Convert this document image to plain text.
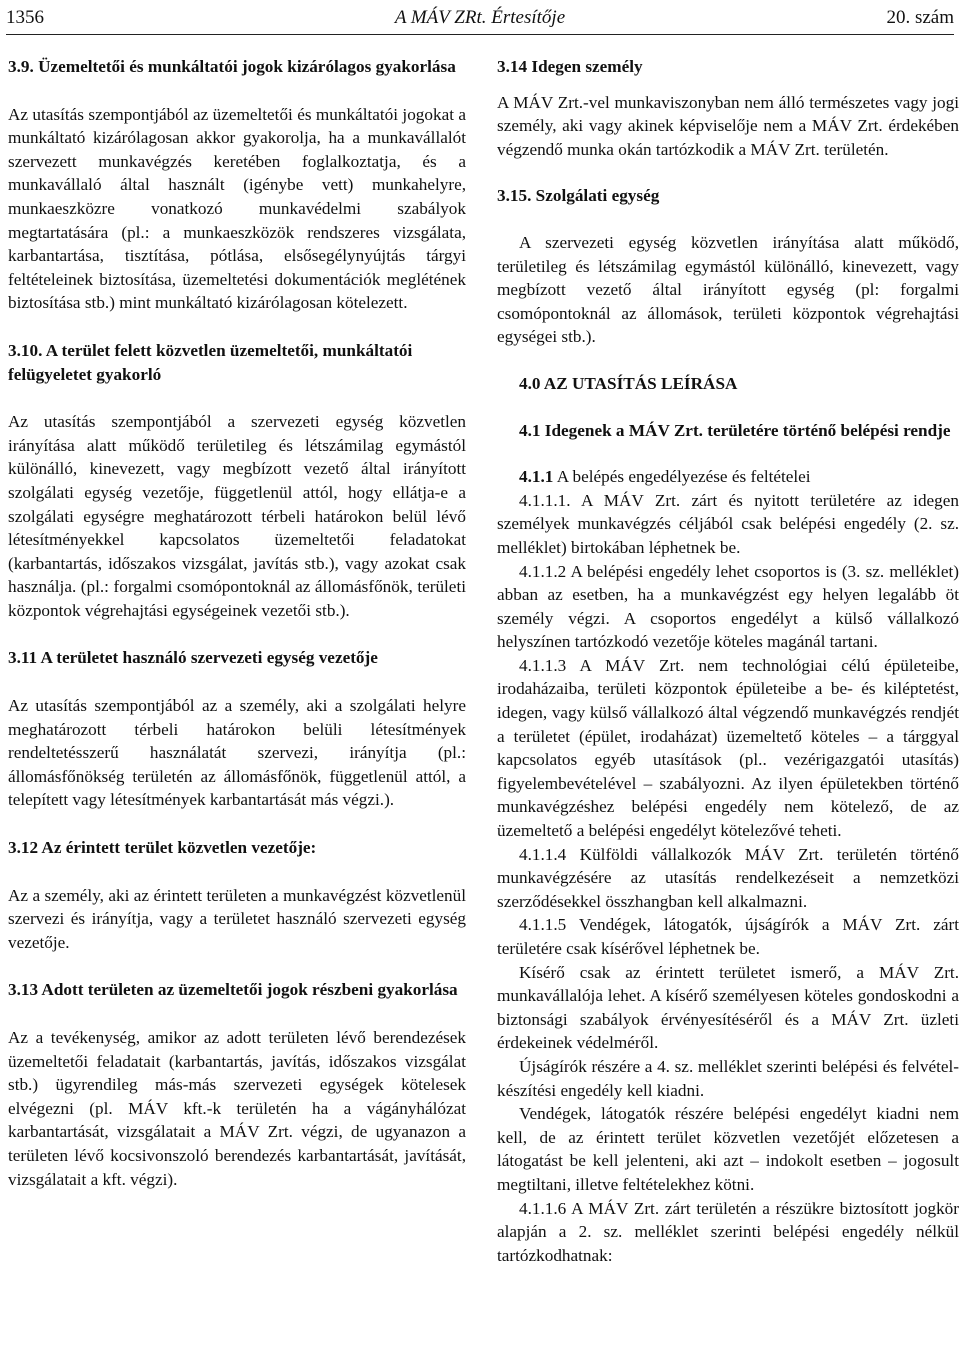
1356	A MÁV ZRt. Értesítője	20. szám

3.9. Üzemeltetői és munkáltatói jogok kizárólagos gyakorlása

Az utasítás szempontjából az üzemeltetői és munkáltatói jogokat a munkáltató kizárólagosan akkor gyakorolja, ha a munkavállalót szervezett munkavégzés keretében foglalkoztatja, és a munkavállaló által használt (igénybe vett) munkahelyre, munkaeszközre vonatkozó munkavédelmi szabályok megtartatására (pl.: a munkaeszközök rendszeres vizsgálata, karbantartása, tisztítása, pótlása, elsősegélynyújtás tárgyi feltételeinek biztosítása, üzemeltetési dokumentációk meglétének biztosítása stb.) mint munkáltató kizárólagosan kötelezett.

3.10. A terület felett közvetlen üzemeltetői, munkáltatói felügyeletet gyakorló

Az utasítás szempontjából a szervezeti egység közvetlen irányítása alatt működő területileg és létszámilag egymástól különálló, kinevezett, vagy megbízott vezető által irányított szolgálati egység vezetője, függetlenül attól, hogy ellátja-e a szolgálati egységre meghatározott térbeli határokon belül lévő létesítményekkel kapcsolatos üzemeltetői feladatokat (karbantartás, időszakos vizsgálat, javítás stb.), vagy azokat csak használja. (pl.: forgalmi csomópontoknál az állomásfőnök, területi központok végrehajtási egységeinek vezetői stb.).

3.11 A területet használó szervezeti egység vezetője

Az utasítás szempontjából az a személy, aki a szolgálati helyre meghatározott térbeli határokon belüli létesítmények rendeltetésszerű használatát szervezi, irányítja (pl.: állomásfőnökség területén az állomásfőnök, függetlenül attól, a telepített vagy létesítmények karbantartását más végzi.).

3.12 Az érintett terület közvetlen vezetője:

Az a személy, aki az érintett területen a munkavégzést közvetlenül szervezi és irányítja, vagy a területet használó szervezeti egység vezetője.

3.13 Adott területen az üzemeltetői jogok részbeni gyakorlása

Az a tevékenység, amikor az adott területen lévő berendezések üzemeltetői feladatait (karbantartás, javítás, időszakos vizsgálat stb.) ügyrendileg más-más szervezeti egységek kötelesek elvégezni (pl. MÁV kft.-k területén ha a vágányhálózat karbantartását, vizsgálatait a MÁV Zrt. végzi, de ugyanazon a területen lévő kocsivonszoló berendezés karbantartását, javítását, vizsgálatait a kft. végzi).

3.14 Idegen személy

A MÁV Zrt.-vel munkaviszonyban nem álló természetes vagy jogi személy, aki vagy akinek képviselője nem a MÁV Zrt. érdekében végzendő munka okán tartózkodik a MÁV Zrt. területén.

3.15. Szolgálati egység

A szervezeti egység közvetlen irányítása alatt működő, területileg és létszámilag egymástól különálló, kinevezett, vagy megbízott vezető által irányított egység (pl: forgalmi csomópontoknál az állomások, területi központok végrehajtási egységei stb.).

4.0 AZ UTASÍTÁS LEÍRÁSA

4.1 Idegenek a MÁV Zrt. területére történő belépési rendje

4.1.1 A belépés engedélyezése és feltételei

4.1.1.1. A MÁV Zrt. zárt és nyitott területére az idegen személyek munkavégzés céljából csak belépési engedély (2. sz. melléklet) birtokában léphetnek be.

4.1.1.2 A belépési engedély lehet csoportos is (3. sz. melléklet) abban az esetben, ha a munkavégzést egy helyen legalább öt személy végzi. A csoportos engedélyt a külső vállalkozó helyszínen tartózkodó vezetője köteles magánál tartani.

4.1.1.3 A MÁV Zrt. nem technológiai célú épületeibe, irodaházaiba, területi központok épületeibe a be- és kiléptetést, idegen, vagy külső vállalkozó által végzendő munkavégzés rendjét a területet (épület, irodaházat) üzemeltető köteles – a tárggyal kapcsolatos egyéb utasítások (pl.. vezérigazgatói utasítás) figyelembevételével – szabályozni. Az ilyen épületekben történő munkavégzéshez belépési engedély nem kötelező, de az üzemeltető a belépési engedélyt kötelezővé teheti.

4.1.1.4 Külföldi vállalkozók MÁV Zrt. területén történő munkavégzésére az utasítás rendelkezéseit a nemzetközi szerződésekkel összhangban kell alkalmazni.

4.1.1.5 Vendégek, látogatók, újságírók a MÁV Zrt. zárt területére csak kísérővel léphetnek be.

Kísérő csak az érintett területet ismerő, a MÁV Zrt. munkavállalója lehet. A kísérő személyesen köteles gondoskodni a biztonsági szabályok érvényesítéséről és a MÁV Zrt. üzleti érdekeinek védelméről.

Újságírók részére a 4. sz. melléklet szerinti belépési és felvétel-készítési engedély kell kiadni.

Vendégek, látogatók részére belépési engedélyt kiadni nem kell, de az érintett terület közvetlen vezetőjét előzetesen a látogatást be kell jelenteni, aki azt – indokolt esetben – jogosult megtiltani, illetve feltételekhez kötni.

4.1.1.6 A MÁV Zrt. zárt területén a részükre biztosított jogkör alapján a 2. sz. melléklet szerinti belépési engedély nélkül tartózkodhatnak:
